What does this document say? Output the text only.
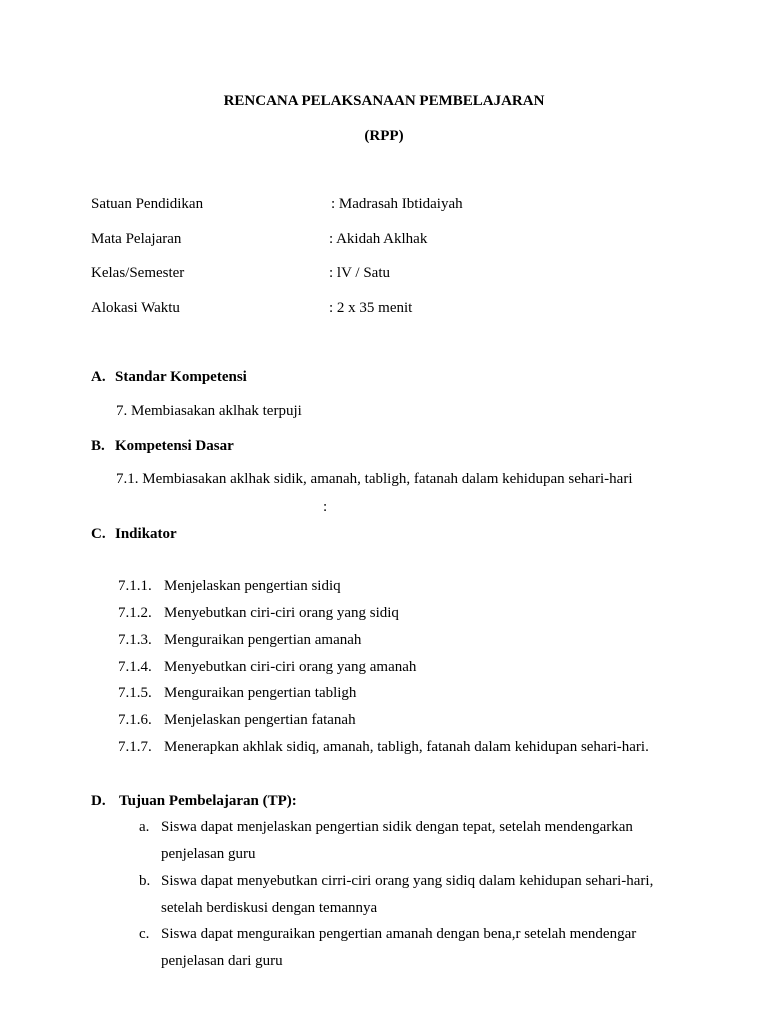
RENCANA PELAKSANAAN PEMBELAJARAN
(RPP)
Satuan Pendidikan	: Madrasah Ibtidaiyah
Mata Pelajaran	: Akidah Aklhak
Kelas/Semester	: lV / Satu
Alokasi Waktu	: 2 x 35 menit
A. Standar Kompetensi
7. Membiasakan aklhak terpuji
B. Kompetensi Dasar
7.1. Membiasakan aklhak sidik, amanah, tabligh, fatanah dalam kehidupan sehari-hari
:
C. Indikator
7.1.1. Menjelaskan pengertian sidiq
7.1.2. Menyebutkan ciri-ciri orang yang sidiq
7.1.3. Menguraikan pengertian amanah
7.1.4. Menyebutkan ciri-ciri orang yang amanah
7.1.5. Menguraikan pengertian tabligh
7.1.6. Menjelaskan pengertian fatanah
7.1.7. Menerapkan akhlak sidiq, amanah, tabligh, fatanah dalam kehidupan sehari-hari.
D. Tujuan Pembelajaran (TP):
a. Siswa dapat menjelaskan pengertian sidik dengan tepat, setelah mendengarkan
penjelasan guru
b. Siswa dapat menyebutkan cirri-ciri orang yang sidiq dalam kehidupan sehari-hari,
setelah berdiskusi dengan temannya
c. Siswa dapat menguraikan pengertian amanah dengan bena,r setelah mendengar
penjelasan dari guru
